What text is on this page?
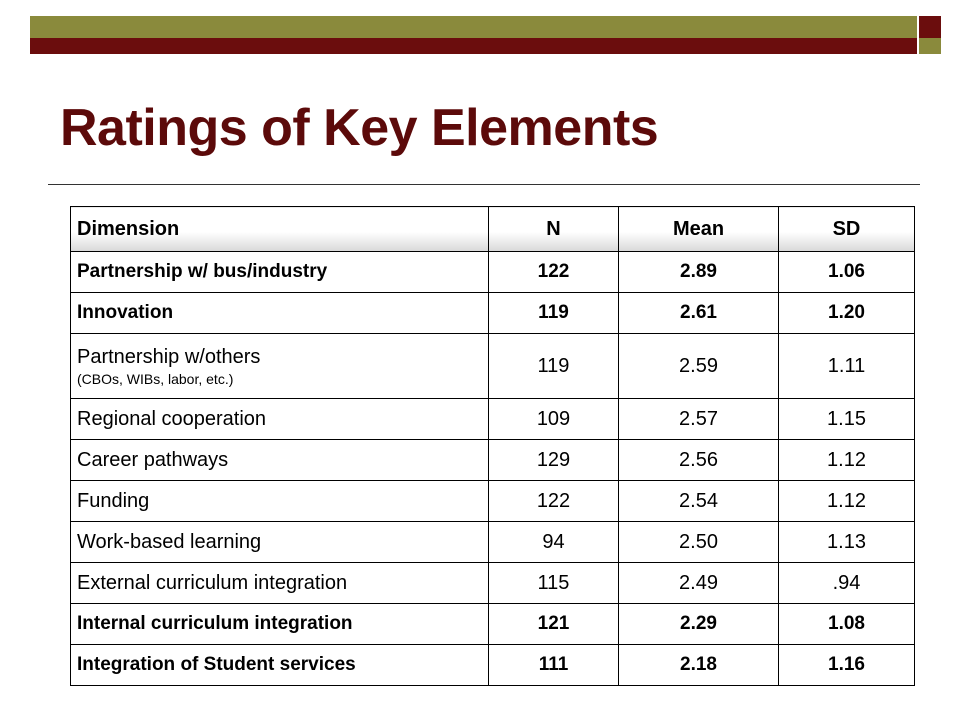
Ratings of Key Elements
Dimension	N	Mean	SD
Partnership w/ bus/industry	122	2.89	1.06
Innovation	119	2.61	1.20
Partnership w/others
(CBOs, WIBs, labor, etc.)	119	2.59	1.11
Regional cooperation	109	2.57	1.15
Career pathways	129	2.56	1.12
Funding	122	2.54	1.12
Work-based learning	94	2.50	1.13
External curriculum integration	115	2.49	.94
Internal curriculum integration	121	2.29	1.08
Integration of Student services	111	2.18	1.16
